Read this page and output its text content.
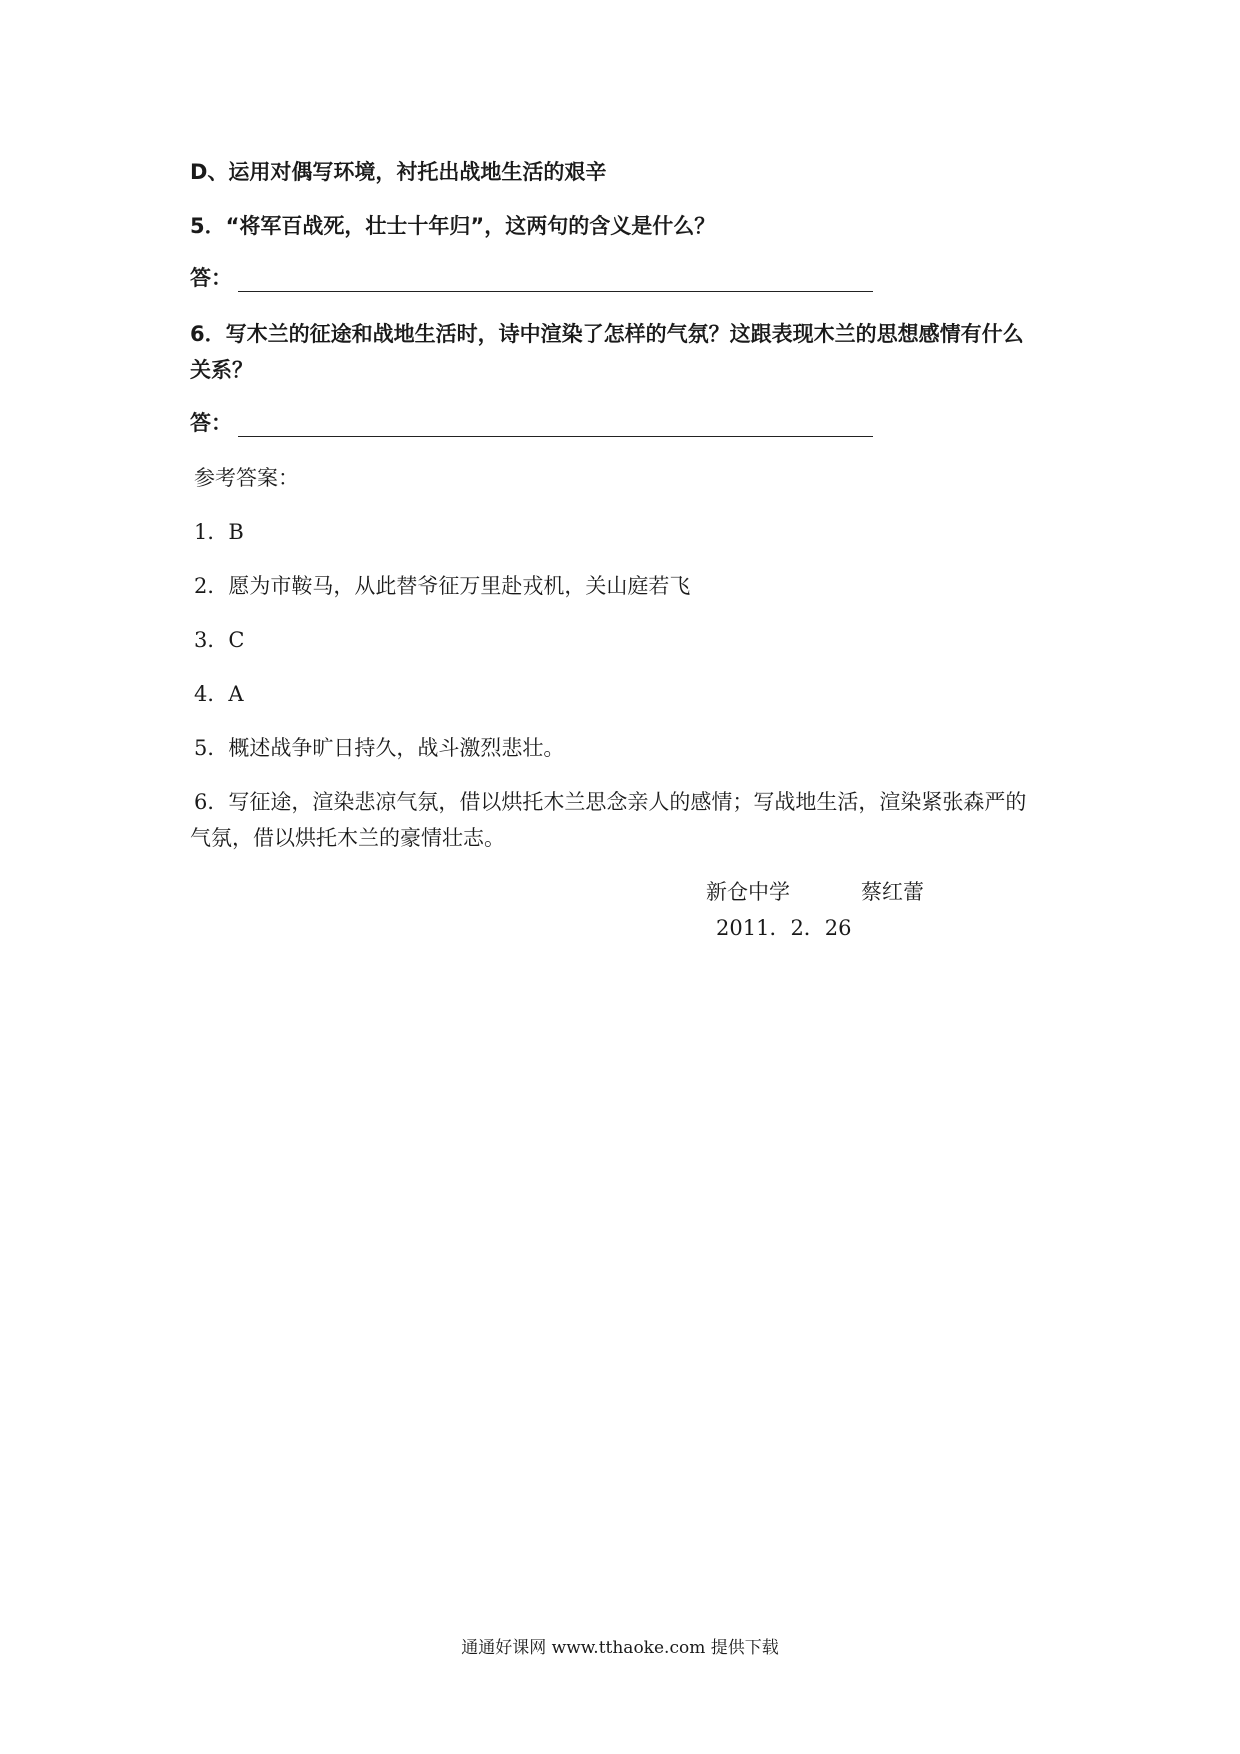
D、运用对偶写环境，衬托出战地生活的艰辛
5．“将军百战死，壮士十年归”，这两句的含义是什么？
答：
6．写木兰的征途和战地生活时，诗中渲染了怎样的气氛？这跟表现木兰的思想感情有什么
关系？
答：
参考答案：
1．B
2．愿为市鞍马，从此替爷征万里赴戎机，关山庭若飞
3．C
4．A
5．概述战争旷日持久，战斗激烈悲壮。
6．写征途，渲染悲凉气氛，借以烘托木兰思念亲人的感情；写战地生活，渲染紧张森严的
气氛，借以烘托木兰的豪情壮志。
新仓中学	蔡红蕾
2011．2．26
通通好课网 www.tthaoke.com 提供下载
